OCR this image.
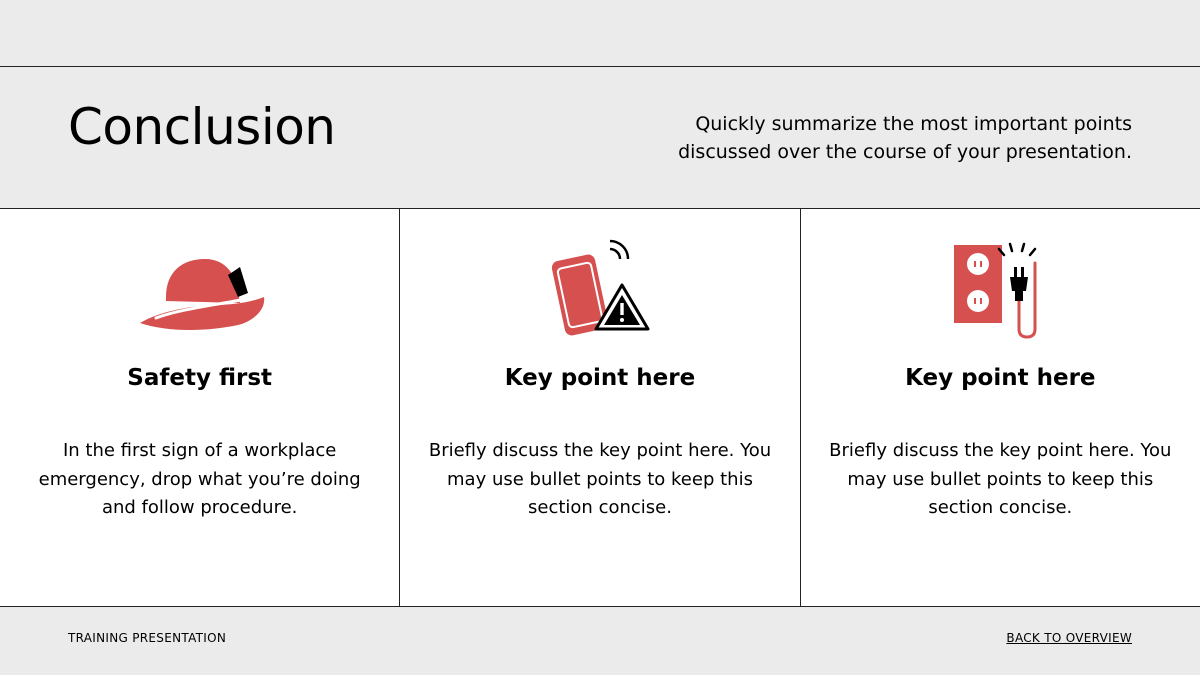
Conclusion	Quickly summarize the most important points discussed over the course of your presentation.

Safety first

In the first sign of a workplace emergency, drop what you’re doing and follow procedure.

Key point here

Briefly discuss the key point here. You may use bullet points to keep this section concise.

Key point here

Briefly discuss the key point here. You may use bullet points to keep this section concise.

TRAINING PRESENTATION	BACK TO OVERVIEW
